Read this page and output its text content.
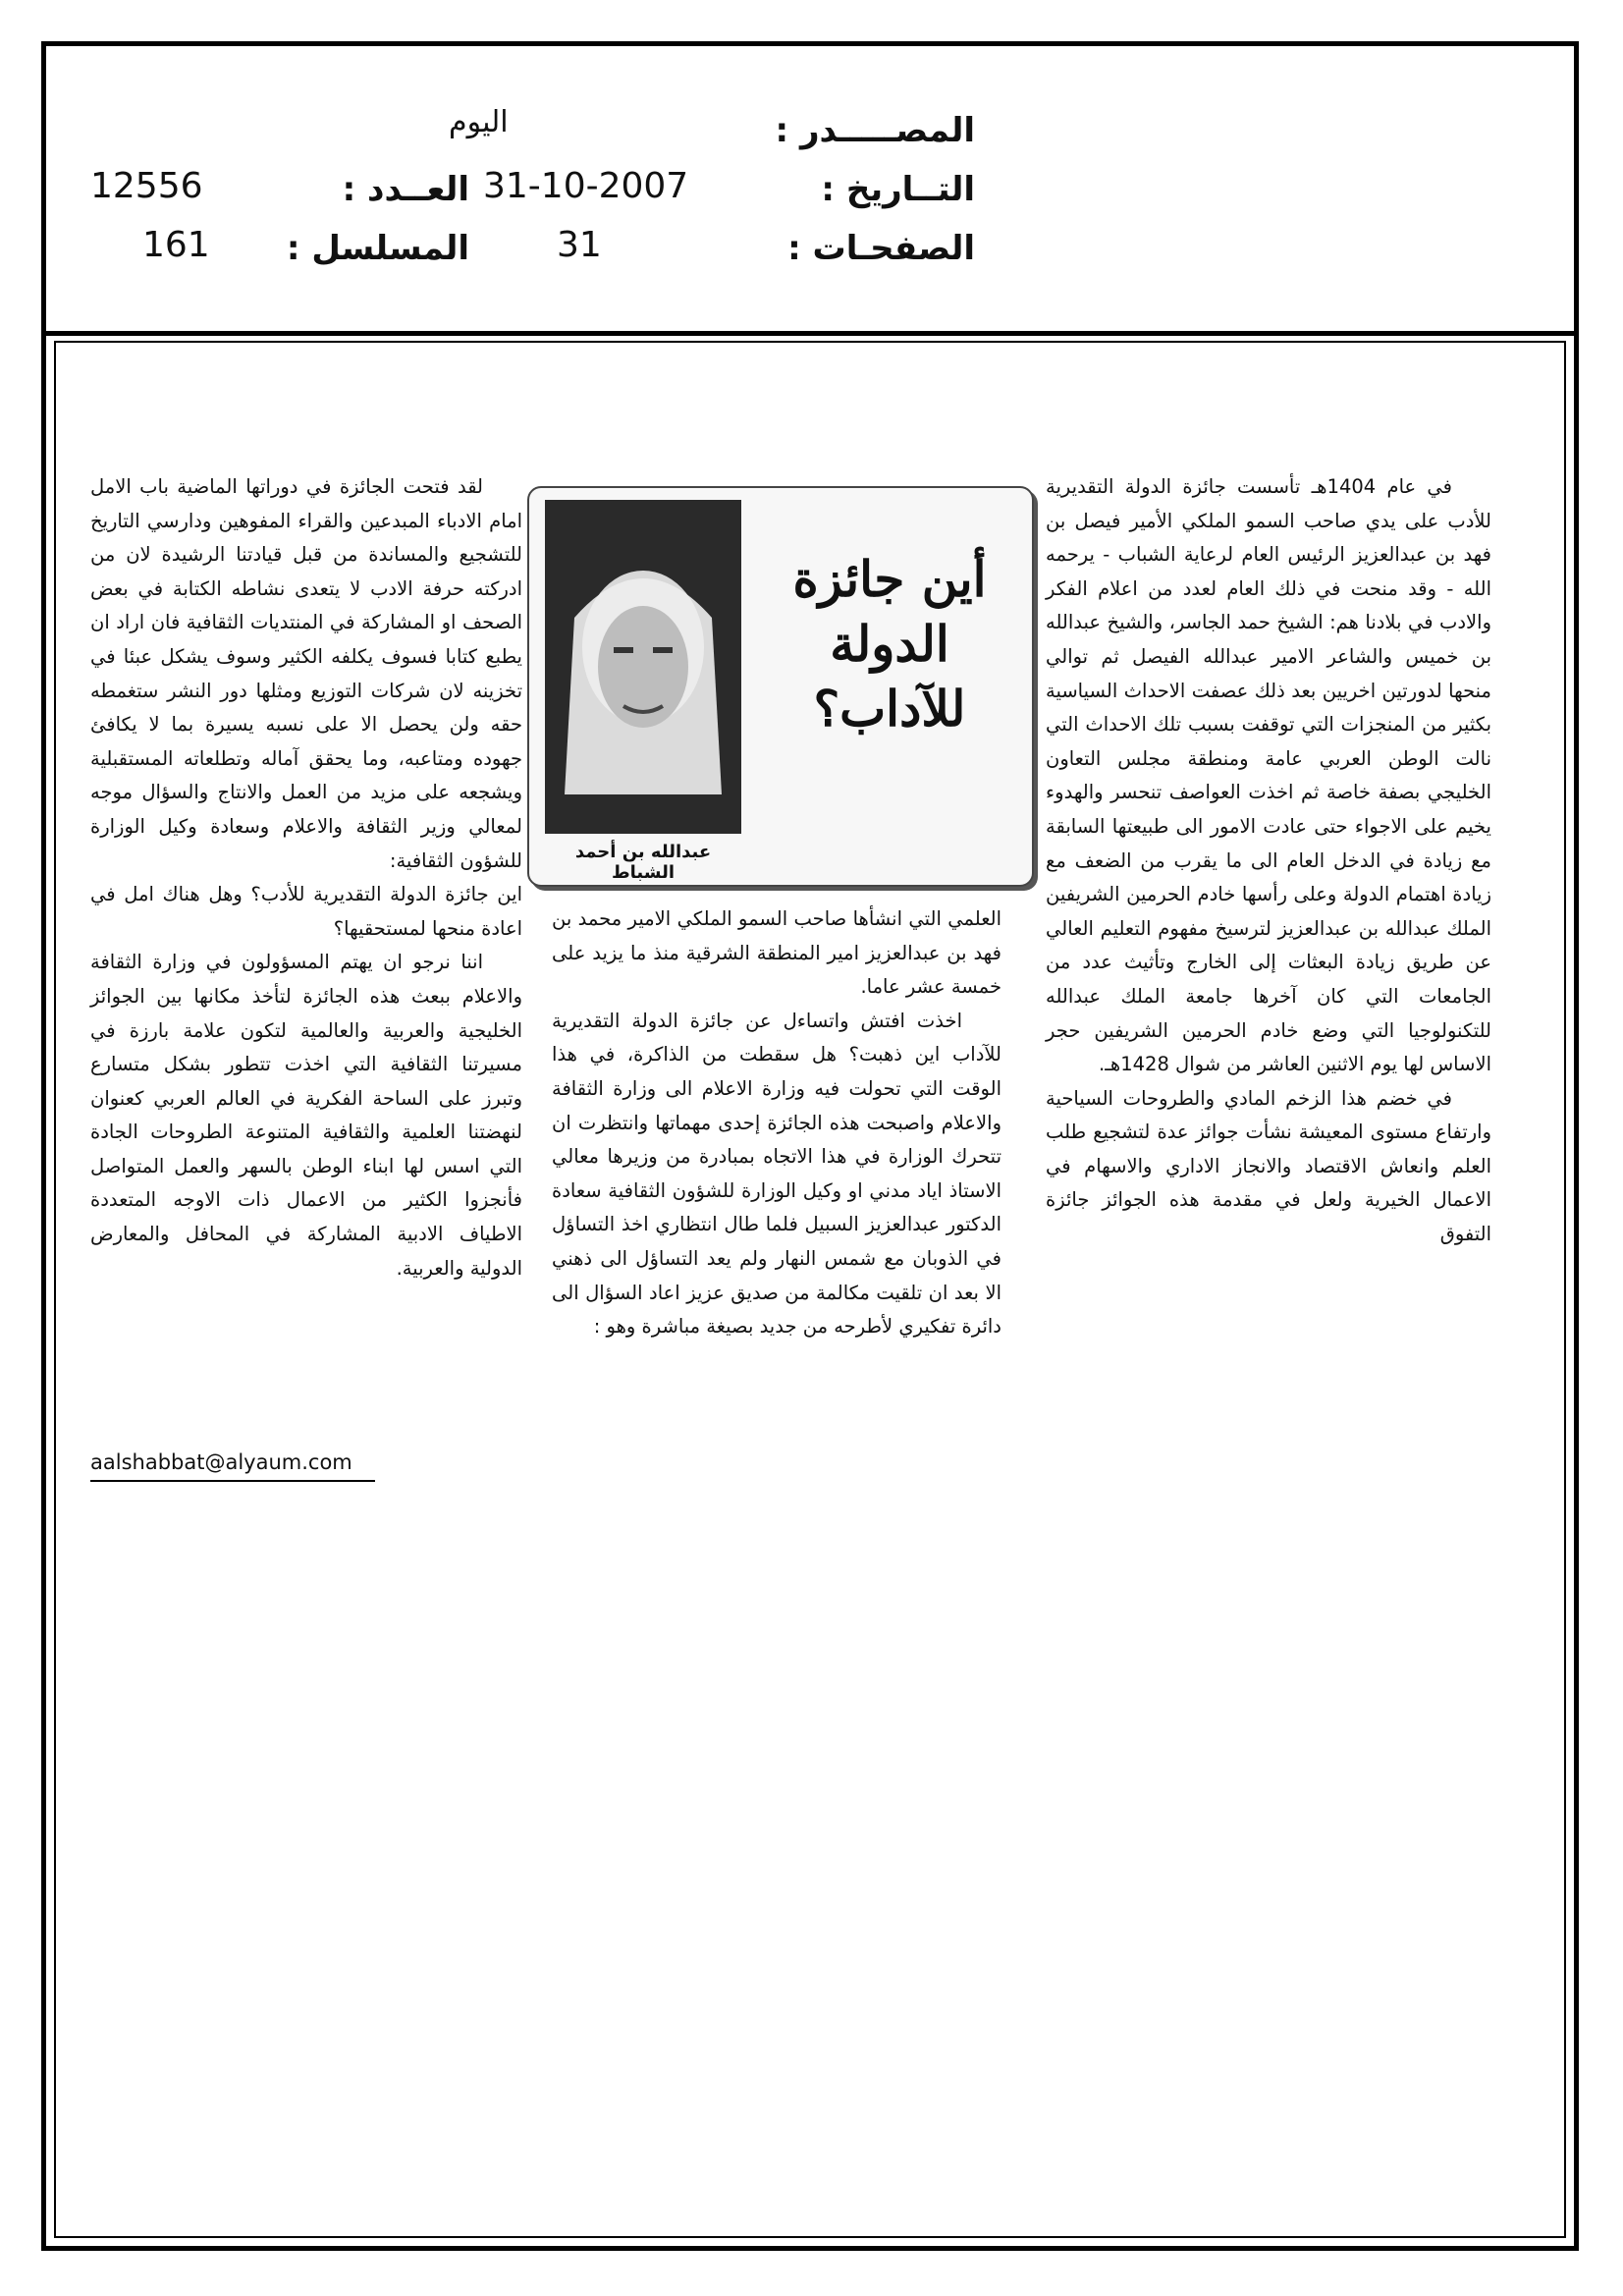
المصـــــدر :
اليوم
التــاريخ :
31-10-2007
العــدد :
12556
الصفحـات :
31
المسلسل :
161

في عام 1404هـ تأسست جائزة الدولة التقديرية للأدب على يدي صاحب السمو الملكي الأمير فيصل بن فهد بن عبدالعزيز الرئيس العام لرعاية الشباب - يرحمه الله - وقد منحت في ذلك العام لعدد من اعلام الفكر والادب في بلادنا هم: الشيخ حمد الجاسر، والشيخ عبدالله بن خميس والشاعر الامير عبدالله الفيصل ثم توالي منحها لدورتين اخريين بعد ذلك عصفت الاحداث السياسية بكثير من المنجزات التي توقفت بسبب تلك الاحداث التي نالت الوطن العربي عامة ومنطقة مجلس التعاون الخليجي بصفة خاصة ثم اخذت العواصف تنحسر والهدوء يخيم على الاجواء حتى عادت الامور الى طبيعتها السابقة مع زيادة في الدخل العام الى ما يقرب من الضعف مع زيادة اهتمام الدولة وعلى رأسها خادم الحرمين الشريفين الملك عبدالله بن عبدالعزيز لترسيخ مفهوم التعليم العالي عن طريق زيادة البعثات إلى الخارج وتأثيث عدد من الجامعات التي كان آخرها جامعة الملك عبدالله للتكنولوجيا التي وضع خادم الحرمين الشريفين حجر الاساس لها يوم الاثنين العاشر من شوال 1428هـ.

في خضم هذا الزخم المادي والطروحات السياحية وارتفاع مستوى المعيشة نشأت جوائز عدة لتشجيع طلب العلم وانعاش الاقتصاد والانجاز الاداري والاسهام في الاعمال الخيرية ولعل في مقدمة هذه الجوائز جائزة التفوق

عبدالله بن أحمد الشباط
أين جائزة الدولة للآداب؟

العلمي التي انشأها صاحب السمو الملكي الامير محمد بن فهد بن عبدالعزيز امير المنطقة الشرقية منذ ما يزيد على خمسة عشر عاما.

اخذت افتش واتساءل عن جائزة الدولة التقديرية للآداب اين ذهبت؟ هل سقطت من الذاكرة، في هذا الوقت التي تحولت فيه وزارة الاعلام الى وزارة الثقافة والاعلام واصبحت هذه الجائزة إحدى مهماتها وانتظرت ان تتحرك الوزارة في هذا الاتجاه بمبادرة من وزيرها معالي الاستاذ اياد مدني او وكيل الوزارة للشؤون الثقافية سعادة الدكتور عبدالعزيز السبيل فلما طال انتظاري اخذ التساؤل في الذوبان مع شمس النهار ولم يعد التساؤل الى ذهني الا بعد ان تلقيت مكالمة من صديق عزيز اعاد السؤال الى دائرة تفكيري لأطرحه من جديد بصيغة مباشرة وهو :

لقد فتحت الجائزة في دوراتها الماضية باب الامل امام الادباء المبدعين والقراء المفوهين ودارسي التاريخ للتشجيع والمساندة من قبل قيادتنا الرشيدة لان من ادركته حرفة الادب لا يتعدى نشاطه الكتابة في بعض الصحف او المشاركة في المنتديات الثقافية فان اراد ان يطبع كتابا فسوف يكلفه الكثير وسوف يشكل عبئا في تخزينه لان شركات التوزيع ومثلها دور النشر ستغمطه حقه ولن يحصل الا على نسبه يسيرة بما لا يكافئ جهوده ومتاعبه، وما يحقق آماله وتطلعاته المستقبلية ويشجعه على مزيد من العمل والانتاج والسؤال موجه لمعالي وزير الثقافة والاعلام وسعادة وكيل الوزارة للشؤون الثقافية:

اين جائزة الدولة التقديرية للأدب؟ وهل هناك امل في اعادة منحها لمستحقيها؟

اننا نرجو ان يهتم المسؤولون في وزارة الثقافة والاعلام ببعث هذه الجائزة لتأخذ مكانها بين الجوائز الخليجية والعربية والعالمية لتكون علامة بارزة في مسيرتنا الثقافية التي اخذت تتطور بشكل متسارع وتبرز على الساحة الفكرية في العالم العربي كعنوان لنهضتنا العلمية والثقافية المتنوعة الطروحات الجادة التي اسس لها ابناء الوطن بالسهر والعمل المتواصل فأنجزوا الكثير من الاعمال ذات الاوجه المتعددة الاطياف الادبية المشاركة في المحافل والمعارض الدولية والعربية.

aalshabbat@alyaum.com
